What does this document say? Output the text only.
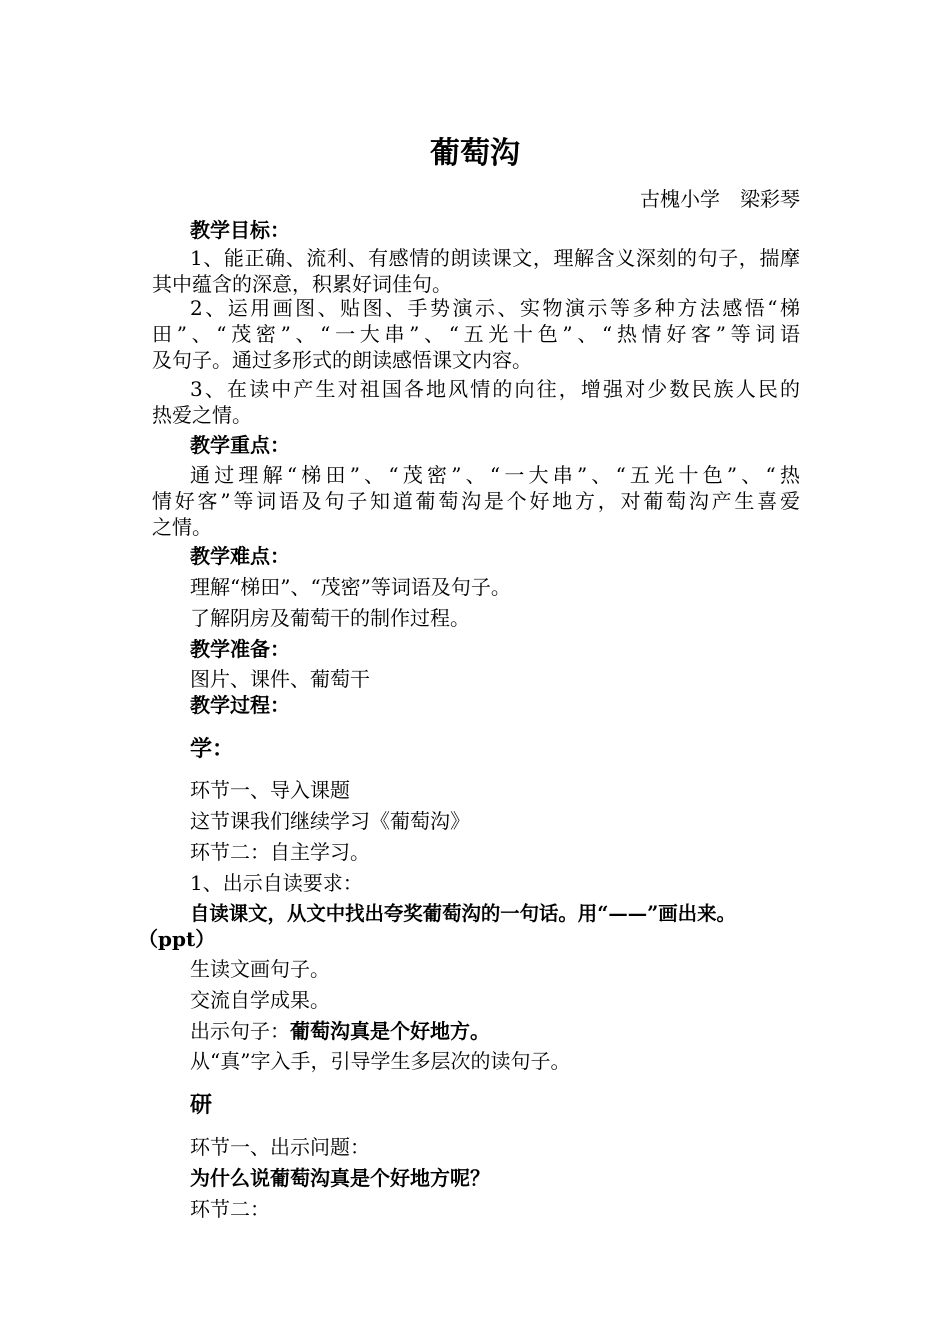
葡萄沟
古槐小学　梁彩琴
教学目标：
1、能正确、流利、有感情的朗读课文，理解含义深刻的句子，揣摩
其中蕴含的深意，积累好词佳句。
2、运用画图、贴图、手势演示、实物演示等多种方法感悟“梯
田”、“茂密”、“一大串”、“五光十色”、“热情好客”等词语
及句子。通过多形式的朗读感悟课文内容。
3、在读中产生对祖国各地风情的向往，增强对少数民族人民的
热爱之情。
教学重点：
通过理解“梯田”、“茂密”、“一大串”、“五光十色”、“热
情好客”等词语及句子知道葡萄沟是个好地方，对葡萄沟产生喜爱
之情。
教学难点：
理解“梯田”、“茂密”等词语及句子。
了解阴房及葡萄干的制作过程。
教学准备：
图片、课件、葡萄干
教学过程：
学：
环节一、导入课题
这节课我们继续学习《葡萄沟》
环节二：自主学习。
1、出示自读要求：
自读课文，从文中找出夸奖葡萄沟的一句话。用“——”画出来。
（ppt）
生读文画句子。
交流自学成果。
出示句子：葡萄沟真是个好地方。
从“真”字入手，引导学生多层次的读句子。
研
环节一、出示问题：
为什么说葡萄沟真是个好地方呢？
环节二：
